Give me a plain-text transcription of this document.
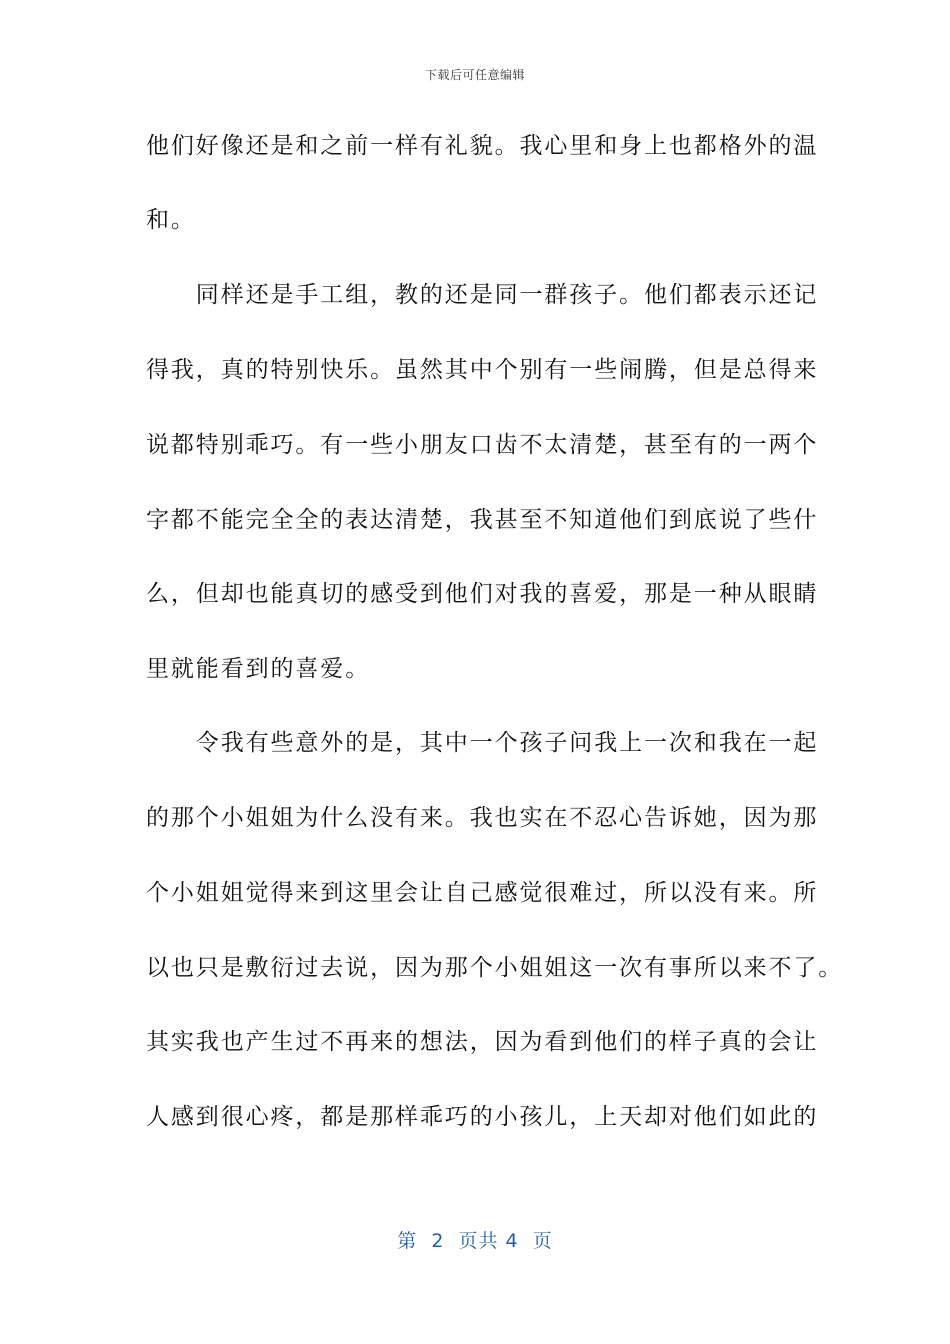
下载后可任意编辑
他们好像还是和之前一样有礼貌。我心里和身上也都格外的温
和。
　　同样还是手工组，教的还是同一群孩子。他们都表示还记
得我，真的特别快乐。虽然其中个别有一些闹腾，但是总得来
说都特别乖巧。有一些小朋友口齿不太清楚，甚至有的一两个
字都不能完全全的表达清楚，我甚至不知道他们到底说了些什
么，但却也能真切的感受到他们对我的喜爱，那是一种从眼睛
里就能看到的喜爱。
　　令我有些意外的是，其中一个孩子问我上一次和我在一起
的那个小姐姐为什么没有来。我也实在不忍心告诉她，因为那
个小姐姐觉得来到这里会让自己感觉很难过，所以没有来。所
以也只是敷衍过去说，因为那个小姐姐这一次有事所以来不了。
其实我也产生过不再来的想法，因为看到他们的样子真的会让
人感到很心疼，都是那样乖巧的小孩儿，上天却对他们如此的
第  2  页共 4  页
